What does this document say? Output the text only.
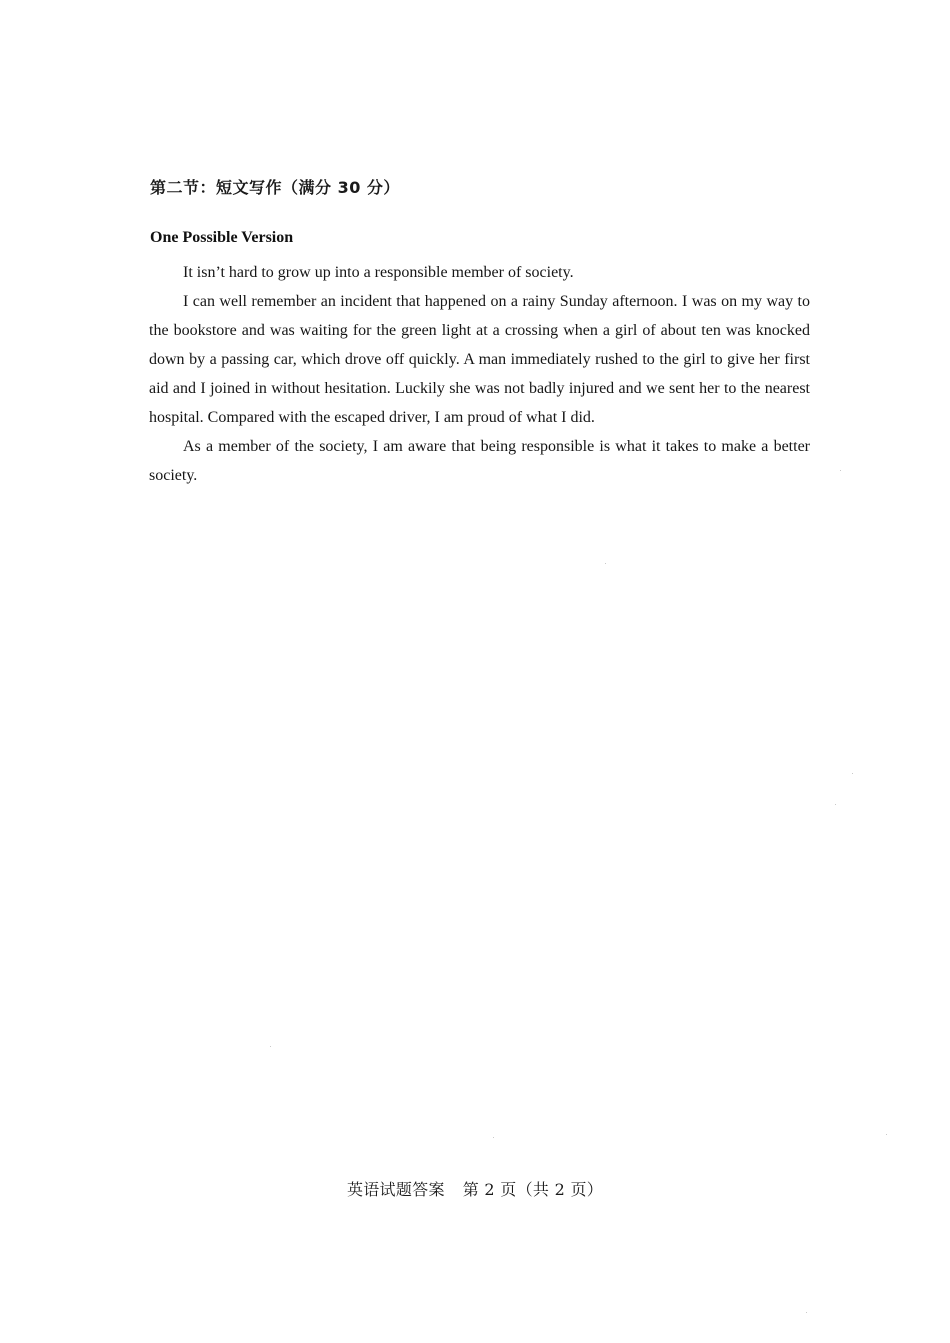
第二节：短文写作（满分 30 分）
One Possible Version

It isn’t hard to grow up into a responsible member of society.

I can well remember an incident that happened on a rainy Sunday afternoon. I was on my way to the bookstore and was waiting for the green light at a crossing when a girl of about ten was knocked down by a passing car, which drove off quickly. A man immediately rushed to the girl to give her first aid and I joined in without hesitation. Luckily she was not badly injured and we sent her to the nearest hospital. Compared with the escaped driver, I am proud of what I did.

As a member of the society, I am aware that being responsible is what it takes to make a better society.

英语试题答案 第 2 页（共 2 页）
